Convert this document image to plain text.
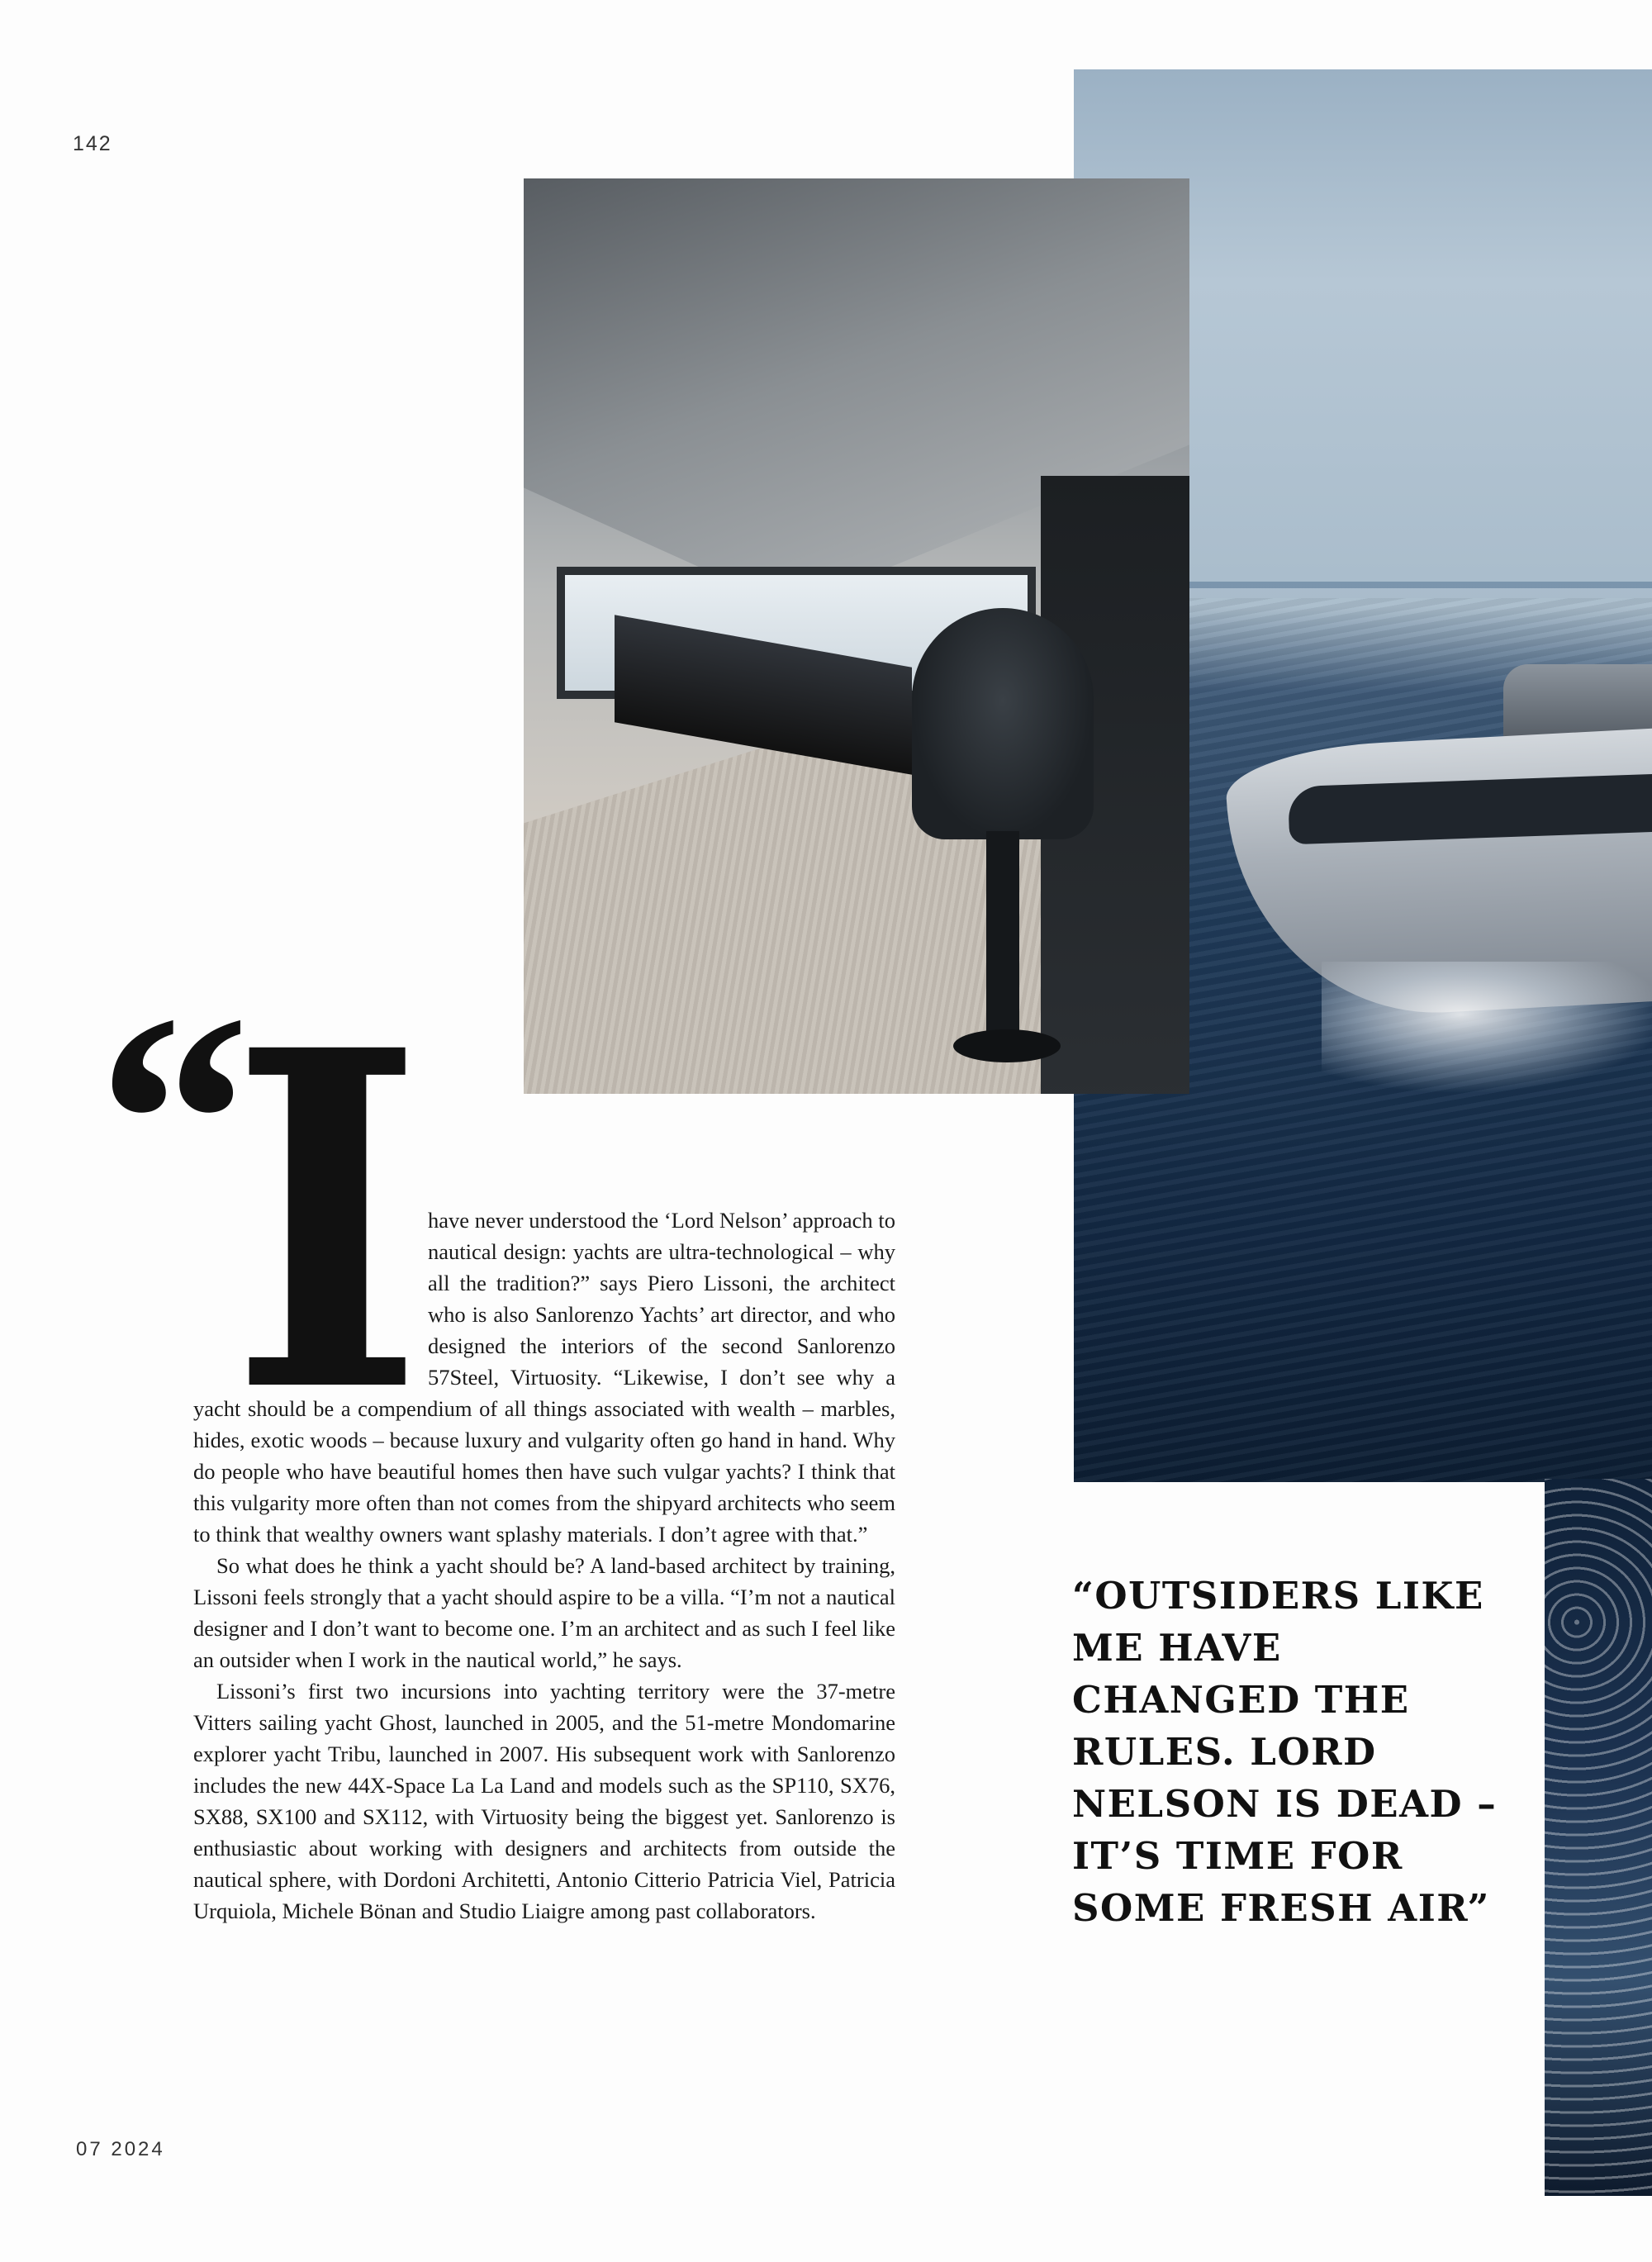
142
“
I have never understood the ‘Lord Nelson’ approach to nautical design: yachts are ultra-technological – why all the tradition?” says Piero Lissoni, the architect who is also Sanlorenzo Yachts’ art director, and who designed the interiors of the second Sanlorenzo 57Steel, Virtuosity. “Likewise, I don’t see why a yacht should be a compendium of all things associated with wealth – marbles, hides, exotic woods – because luxury and vulgarity often go hand in hand. Why do people who have beautiful homes then have such vulgar yachts? I think that this vulgarity more often than not comes from the shipyard architects who seem to think that wealthy owners want splashy materials. I don’t agree with that.”

So what does he think a yacht should be? A land-based architect by training, Lissoni feels strongly that a yacht should aspire to be a villa. “I’m not a nautical designer and I don’t want to become one. I’m an architect and as such I feel like an outsider when I work in the nautical world,” he says.

Lissoni’s first two incursions into yachting territory were the 37-metre Vitters sailing yacht Ghost, launched in 2005, and the 51-metre Mondomarine explorer yacht Tribu, launched in 2007. His subsequent work with Sanlorenzo includes the new 44X-Space La La Land and models such as the SP110, SX76, SX88, SX100 and SX112, with Virtuosity being the biggest yet. Sanlorenzo is enthusiastic about working with designers and architects from outside the nautical sphere, with Dordoni Architetti, Antonio Citterio Patricia Viel, Patricia Urquiola, Michele Bönan and Studio Liaigre among past collaborators.

“OUTSIDERS LIKE ME HAVE CHANGED THE RULES. LORD NELSON IS DEAD – IT’S TIME FOR SOME FRESH AIR”
07 2024
